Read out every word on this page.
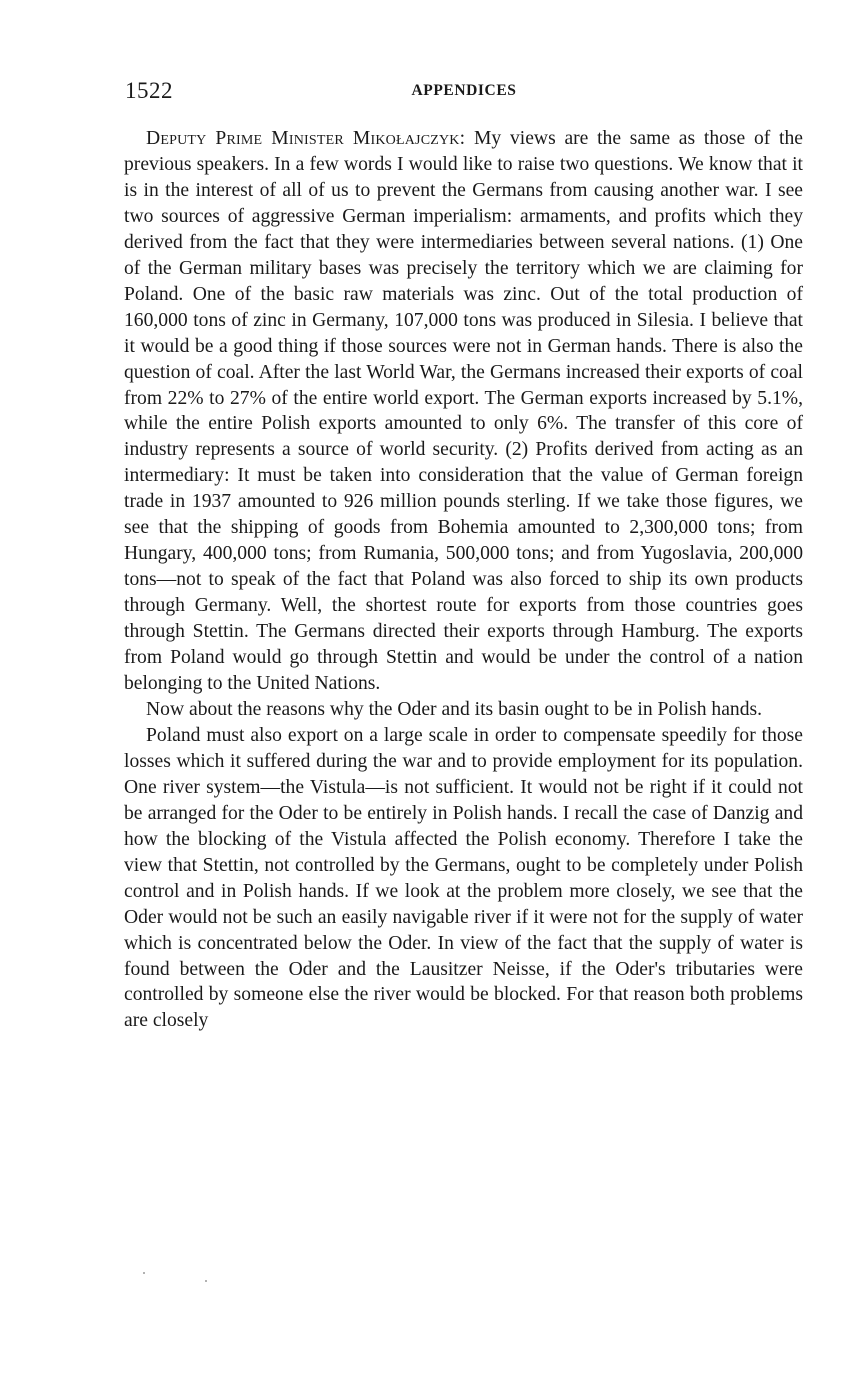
1522	APPENDICES

Deputy Prime Minister Mikołajczyk: My views are the same as those of the previous speakers. In a few words I would like to raise two questions. We know that it is in the interest of all of us to prevent the Germans from causing another war. I see two sources of aggressive German imperialism: armaments, and profits which they derived from the fact that they were intermediaries between several nations. (1) One of the German military bases was precisely the territory which we are claiming for Poland. One of the basic raw materials was zinc. Out of the total production of 160,000 tons of zinc in Germany, 107,000 tons was produced in Silesia. I believe that it would be a good thing if those sources were not in German hands. There is also the question of coal. After the last World War, the Germans increased their exports of coal from 22% to 27% of the entire world export. The German exports increased by 5.1%, while the entire Polish exports amounted to only 6%. The transfer of this core of industry represents a source of world security. (2) Profits derived from acting as an intermediary: It must be taken into consideration that the value of German foreign trade in 1937 amounted to 926 million pounds sterling. If we take those figures, we see that the shipping of goods from Bohemia amounted to 2,300,000 tons; from Hungary, 400,000 tons; from Rumania, 500,000 tons; and from Yugoslavia, 200,000 tons—not to speak of the fact that Poland was also forced to ship its own products through Germany. Well, the shortest route for exports from those countries goes through Stettin. The Germans directed their exports through Hamburg. The exports from Poland would go through Stettin and would be under the control of a nation belonging to the United Nations.

Now about the reasons why the Oder and its basin ought to be in Polish hands.

Poland must also export on a large scale in order to compensate speedily for those losses which it suffered during the war and to provide employment for its population. One river system—the Vistula—is not sufficient. It would not be right if it could not be arranged for the Oder to be entirely in Polish hands. I recall the case of Danzig and how the blocking of the Vistula affected the Polish economy. Therefore I take the view that Stettin, not controlled by the Germans, ought to be completely under Polish control and in Polish hands. If we look at the problem more closely, we see that the Oder would not be such an easily navigable river if it were not for the supply of water which is concentrated below the Oder. In view of the fact that the supply of water is found between the Oder and the Lausitzer Neisse, if the Oder's tributaries were controlled by someone else the river would be blocked. For that reason both problems are closely
